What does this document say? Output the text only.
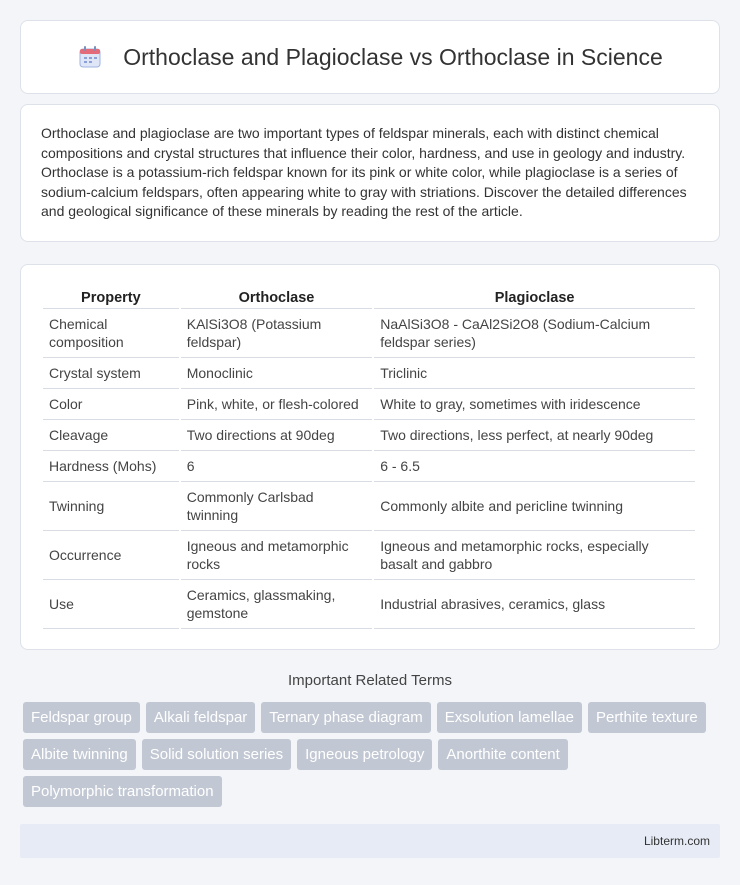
Orthoclase and Plagioclase vs Orthoclase in Science

Orthoclase and plagioclase are two important types of feldspar minerals, each with distinct chemical compositions and crystal structures that influence their color, hardness, and use in geology and industry. Orthoclase is a potassium-rich feldspar known for its pink or white color, while plagioclase is a series of sodium-calcium feldspars, often appearing white to gray with striations. Discover the detailed differences and geological significance of these minerals by reading the rest of the article.

Property	Orthoclase	Plagioclase
Chemical composition	KAlSi3O8 (Potassium feldspar)	NaAlSi3O8 - CaAl2Si2O8 (Sodium-Calcium feldspar series)
Crystal system	Monoclinic	Triclinic
Color	Pink, white, or flesh-colored	White to gray, sometimes with iridescence
Cleavage	Two directions at 90deg	Two directions, less perfect, at nearly 90deg
Hardness (Mohs)	6	6 - 6.5
Twinning	Commonly Carlsbad twinning	Commonly albite and pericline twinning
Occurrence	Igneous and metamorphic rocks	Igneous and metamorphic rocks, especially basalt and gabbro
Use	Ceramics, glassmaking, gemstone	Industrial abrasives, ceramics, glass
Important Related Terms
Feldspar group	Alkali feldspar	Ternary phase diagram	Exsolution lamellae	Perthite texture
Albite twinning	Solid solution series	Igneous petrology	Anorthite content
Polymorphic transformation
Libterm.com
